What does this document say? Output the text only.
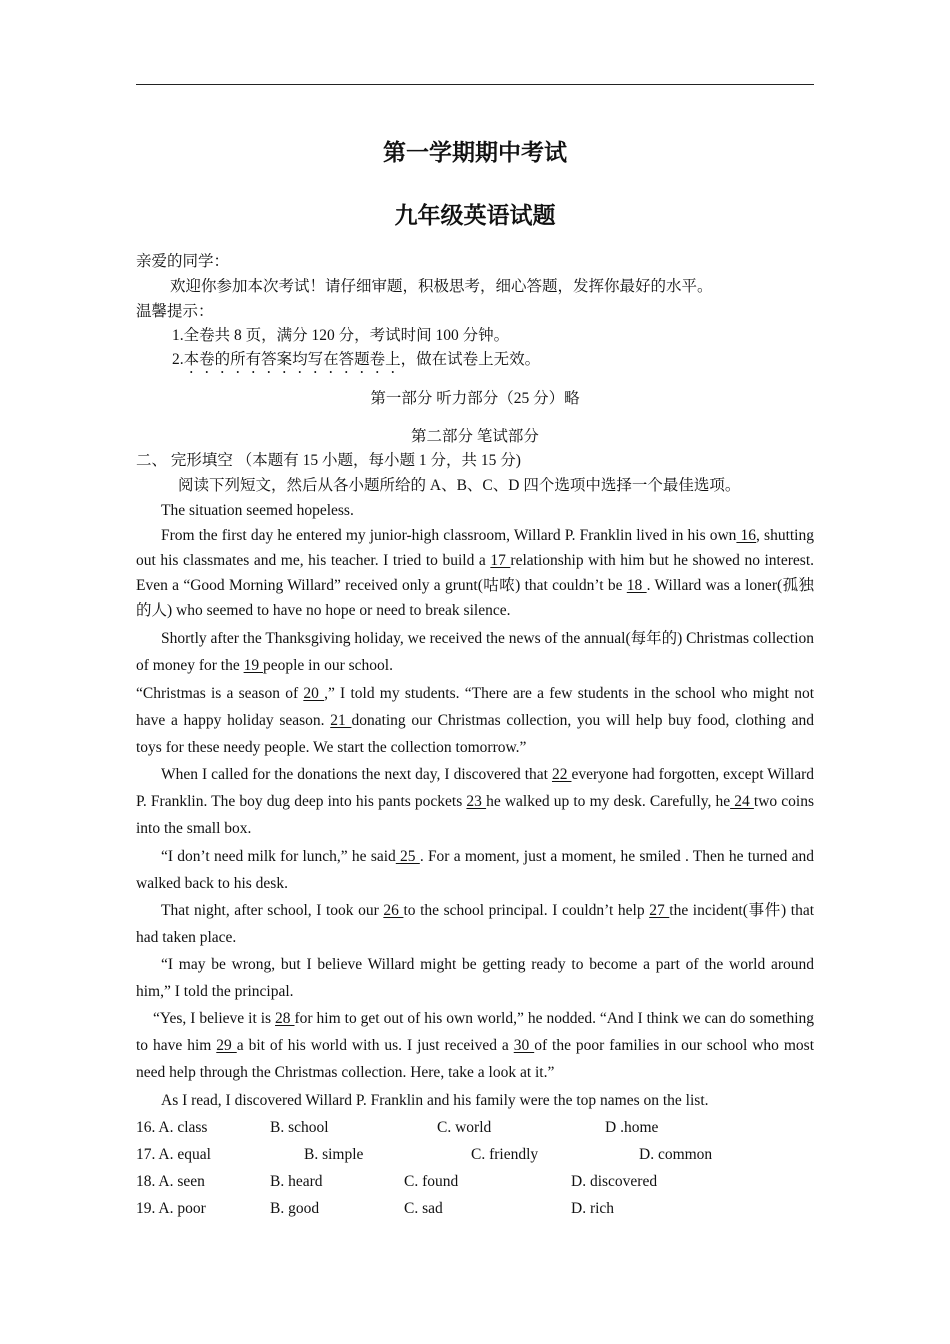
第一学期期中考试
九年级英语试题
亲爱的同学：
欢迎你参加本次考试！请仔细审题，积极思考，细心答题，发挥你最好的水平。
温馨提示：
1.全卷共 8 页，满分 120 分，考试时间 100 分钟。
2.本卷的所有答案均写在答题卷上，做在试卷上无效。
第一部分 听力部分（25 分）略
第二部分 笔试部分
二、 完形填空 （本题有 15 小题，每小题 1 分，共 15 分)
阅读下列短文，然后从各小题所给的 A、B、C、D 四个选项中选择一个最佳选项。
The situation seemed hopeless.
From the first day he entered my junior-high classroom, Willard P. Franklin lived in his own 16, shutting out his classmates and me, his teacher. I tried to build a 17 relationship with him but he showed no interest. Even a “Good Morning Willard” received only a grunt(咕哝) that couldn’t be 18 . Willard was a loner(孤独的人) who seemed to have no hope or need to break silence.
Shortly after the Thanksgiving holiday, we received the news of the annual(每年的) Christmas collection of money for the 19 people in our school.
“Christmas is a season of 20 ,” I told my students. “There are a few students in the school who might not have a happy holiday season. 21 donating our Christmas collection, you will help buy food, clothing and toys for these needy people. We start the collection tomorrow.”
When I called for the donations the next day, I discovered that 22 everyone had forgotten, except Willard P. Franklin. The boy dug deep into his pants pockets 23 he walked up to my desk. Carefully, he 24 two coins into the small box.
“I don’t need milk for lunch,” he said 25 . For a moment, just a moment, he smiled . Then he turned and walked back to his desk.
That night, after school, I took our 26 to the school principal. I couldn’t help 27 the incident(事件) that had taken place.
“I may be wrong, but I believe Willard might be getting ready to become a part of the world around him,” I told the principal.
“Yes, I believe it is 28 for him to get out of his own world,” he nodded. “And I think we can do something to have him 29 a bit of his world with us. I just received a 30 of the poor families in our school who most need help through the Christmas collection. Here, take a look at it.”
As I read, I discovered Willard P. Franklin and his family were the top names on the list.
16. A. class	B. school	C. world	D .home
17. A. equal	B. simple	C. friendly	D. common
18. A. seen	B. heard	C. found	D. discovered
19. A. poor	B. good	C. sad	D. rich
